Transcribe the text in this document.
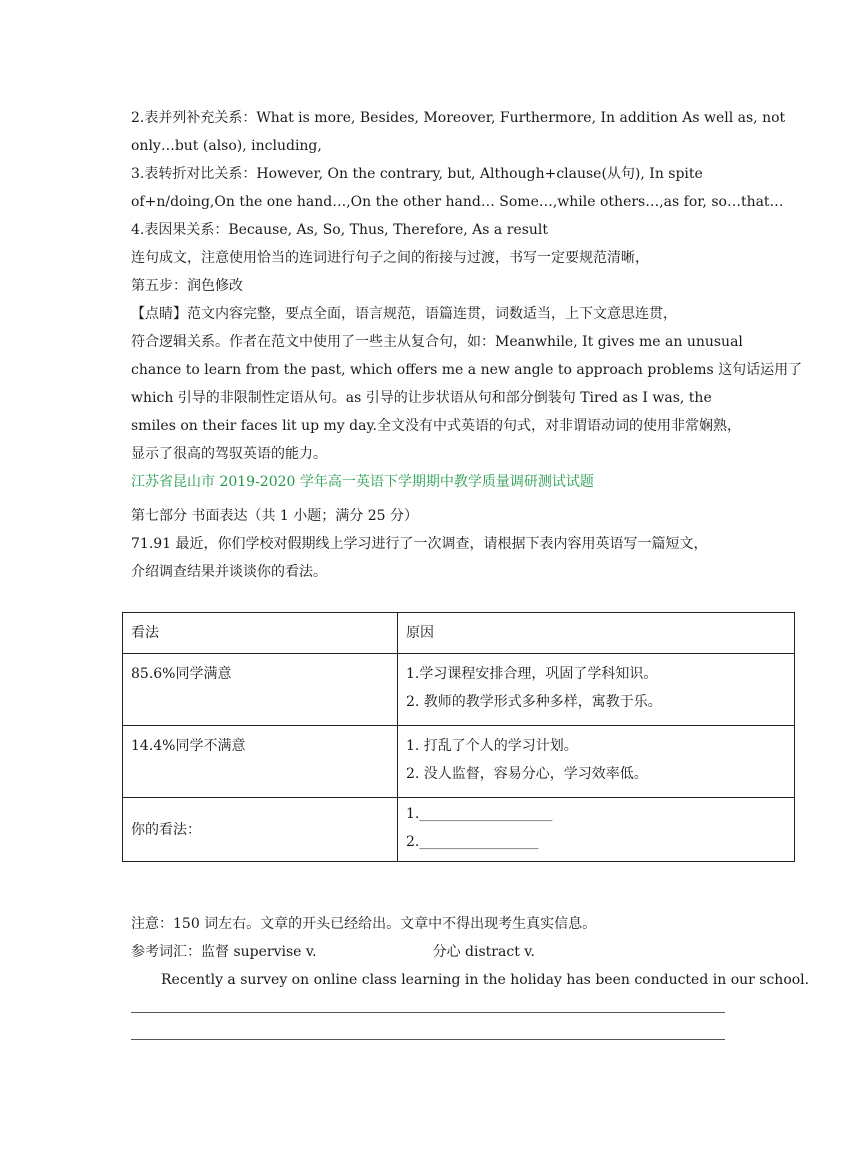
2.表并列补充关系：What is more, Besides, Moreover, Furthermore, In addition As well as, not
only…but (also), including,
3.表转折对比关系：However, On the contrary, but, Although+clause(从句), In spite
of+n/doing,On the one hand…,On the other hand… Some…,while others…,as for, so…that…
4.表因果关系：Because, As, So, Thus, Therefore, As a result
连句成文，注意使用恰当的连词进行句子之间的衔接与过渡，书写一定要规范清晰，
第五步：润色修改
【点睛】范文内容完整，要点全面，语言规范，语篇连贯，词数适当，上下文意思连贯，
符合逻辑关系。作者在范文中使用了一些主从复合句，如：Meanwhile, It gives me an unusual
chance to learn from the past, which offers me a new angle to approach problems 这句话运用了
which 引导的非限制性定语从句。as 引导的让步状语从句和部分倒装句 Tired as I was, the
smiles on their faces lit up my day.全文没有中式英语的句式，对非谓语动词的使用非常娴熟，
显示了很高的驾驭英语的能力。
江苏省昆山市 2019-2020 学年高一英语下学期期中教学质量调研测试试题
第七部分 书面表达（共 1 小题；满分 25 分）
71.91 最近，你们学校对假期线上学习进行了一次调查，请根据下表内容用英语写一篇短文，
介绍调查结果并谈谈你的看法。
看法	原因

85.6%同学满意	1.学习课程安排合理，巩固了学科知识。
2. 教师的教学形式多种多样，寓教于乐。

14.4%同学不满意	1. 打乱了个人的学习计划。
2. 没人监督，容易分心，学习效率低。

你的看法：	1.___________________
2._________________
注意：150 词左右。文章的开头已经给出。文章中不得出现考生真实信息。
参考词汇：监督 supervise v.	分心 distract v.
Recently a survey on online class learning in the holiday has been conducted in our school.
